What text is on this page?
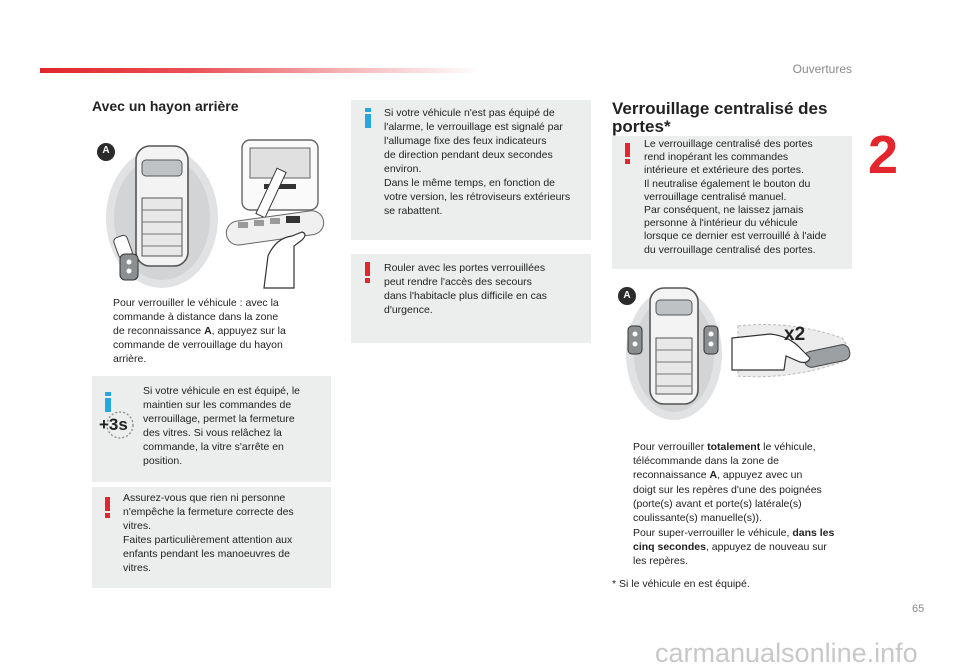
Ouvertures
2
Avec un hayon arrière
A
Pour verrouiller le véhicule : avec la
commande à distance dans la zone
de reconnaissance A, appuyez sur la
commande de verrouillage du hayon
arrière.
+3s
Si votre véhicule en est équipé, le
maintien sur les commandes de
verrouillage, permet la fermeture
des vitres. Si vous relâchez la
commande, la vitre s'arrête en
position.
Assurez-vous que rien ni personne
n'empêche la fermeture correcte des
vitres.
Faites particulièrement attention aux
enfants pendant les manoeuvres de
vitres.
Si votre véhicule n'est pas équipé de
l'alarme, le verrouillage est signalé par
l'allumage fixe des feux indicateurs
de direction pendant deux secondes
environ.
Dans le même temps, en fonction de
votre version, les rétroviseurs extérieurs
se rabattent.
Rouler avec les portes verrouillées
peut rendre l'accès des secours
dans l'habitacle plus difficile en cas
d'urgence.
Verrouillage centralisé des
portes*
Le verrouillage centralisé des portes
rend inopérant les commandes
intérieure et extérieure des portes.
Il neutralise également le bouton du
verrouillage centralisé manuel.
Par conséquent, ne laissez jamais
personne à l'intérieur du véhicule
lorsque ce dernier est verrouillé à l'aide
du verrouillage centralisé des portes.
A
x2
Pour verrouiller totalement le véhicule,
télécommande dans la zone de
reconnaissance A, appuyez avec un
doigt sur les repères d'une des poignées
(porte(s) avant et porte(s) latérale(s)
coulissante(s) manuelle(s)).
Pour super-verrouiller le véhicule, dans les
cinq secondes, appuyez de nouveau sur
les repères.
* Si le véhicule en est équipé.
65
carmanualsonline.info
